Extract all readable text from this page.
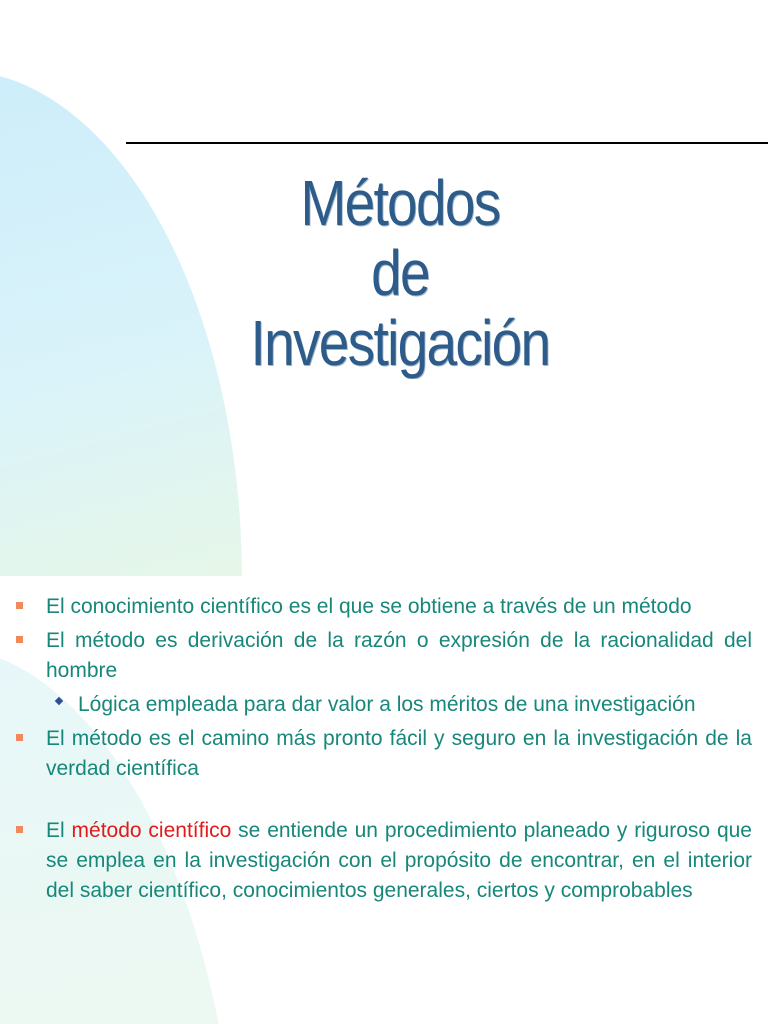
Métodos
de
Investigación
El conocimiento científico es el que se obtiene a través de un método
El método es derivación de la razón o expresión de la racionalidad del hombre
Lógica empleada para dar valor a los méritos de una investigación
El método es el camino más pronto fácil y seguro en la investigación de la verdad científica
El método científico se entiende un procedimiento planeado y riguroso que se emplea en la investigación con el propósito de encontrar, en el interior del saber científico, conocimientos generales, ciertos y comprobables
